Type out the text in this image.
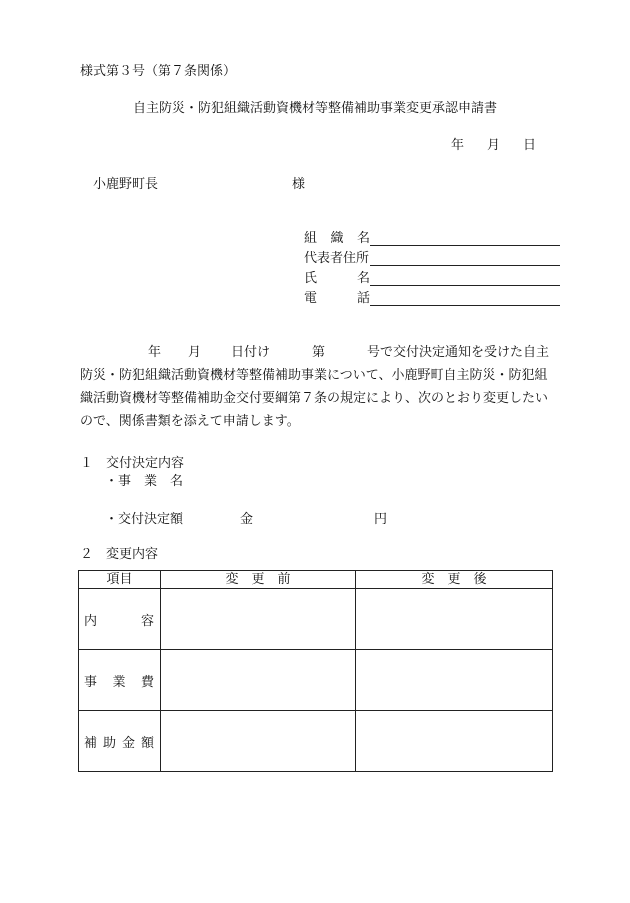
様式第３号（第７条関係）
自主防災・防犯組織活動資機材等整備補助事業変更承認申請書
年 月 日
小鹿野町長	様
組 織 名
代表者住所
氏	名
電	話
年 月 日付け	第	号で交付決定通知を受けた自主
防災・防犯組織活動資機材等整備補助事業について、小鹿野町自主防災・防犯組織活動資機材等整備補助金交付要綱第７条の規定により、次のとおり変更したいので、関係書類を添えて申請します。
１　交付決定内容
・事　業　名
・交付決定額	金	円
２　変更内容
項目	変　更　前	変　更　後

内 容		

事 業 費		

補 助 金 額		
